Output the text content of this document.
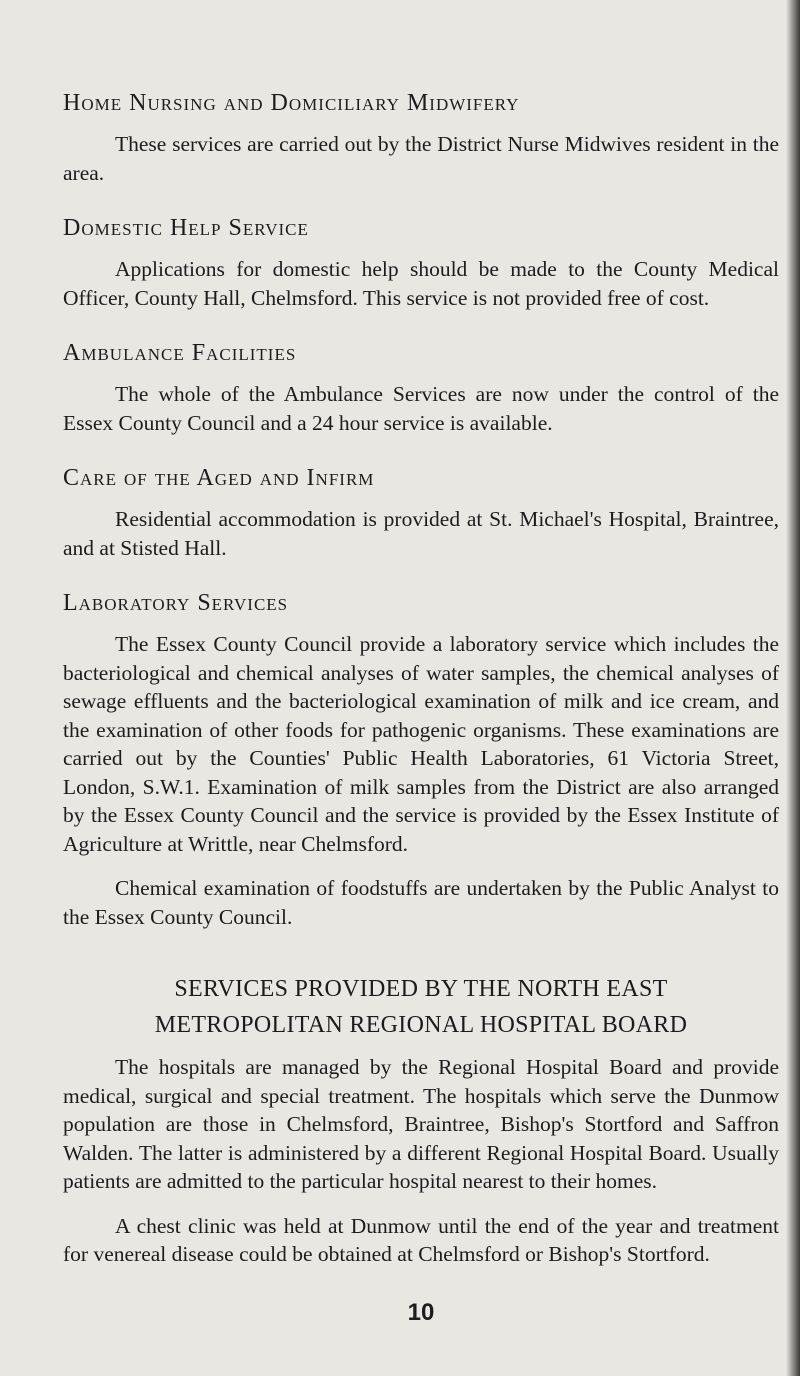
Home Nursing and Domiciliary Midwifery

These services are carried out by the District Nurse Midwives resident in the area.

Domestic Help Service

Applications for domestic help should be made to the County Medical Officer, County Hall, Chelmsford. This service is not provided free of cost.

Ambulance Facilities

The whole of the Ambulance Services are now under the control of the Essex County Council and a 24 hour service is available.

Care of the Aged and Infirm

Residential accommodation is provided at St. Michael's Hospital, Braintree, and at Stisted Hall.

Laboratory Services

The Essex County Council provide a laboratory service which includes the bacteriological and chemical analyses of water samples, the chemical analyses of sewage effluents and the bacteriological examination of milk and ice cream, and the examination of other foods for pathogenic organisms. These examinations are carried out by the Counties' Public Health Laboratories, 61 Victoria Street, London, S.W.1. Examination of milk samples from the District are also arranged by the Essex County Council and the service is provided by the Essex Institute of Agriculture at Writtle, near Chelmsford.

Chemical examination of foodstuffs are undertaken by the Public Analyst to the Essex County Council.

SERVICES PROVIDED BY THE NORTH EAST
METROPOLITAN REGIONAL HOSPITAL BOARD

The hospitals are managed by the Regional Hospital Board and provide medical, surgical and special treatment. The hospitals which serve the Dunmow population are those in Chelmsford, Braintree, Bishop's Stortford and Saffron Walden. The latter is administered by a different Regional Hospital Board. Usually patients are admitted to the particular hospital nearest to their homes.

A chest clinic was held at Dunmow until the end of the year and treatment for venereal disease could be obtained at Chelmsford or Bishop's Stortford.

10
